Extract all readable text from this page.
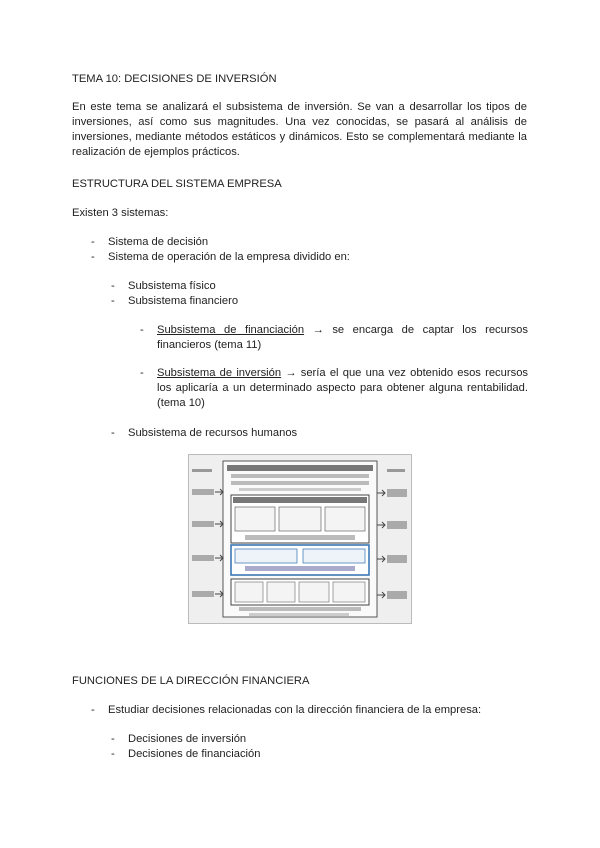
TEMA 10: DECISIONES DE INVERSIÓN
En este tema se analizará el subsistema de inversión. Se van a desarrollar los tipos de inversiones, así como sus magnitudes. Una vez conocidas, se pasará al análisis de inversiones, mediante métodos estáticos y dinámicos. Esto se complementará mediante la realización de ejemplos prácticos.
ESTRUCTURA DEL SISTEMA EMPRESA
Existen 3 sistemas:
- Sistema de decisión
- Sistema de operación de la empresa dividido en:
- Subsistema físico
- Subsistema financiero
- Subsistema de financiación → se encarga de captar los recursos financieros (tema 11)
- Subsistema de inversión → sería el que una vez obtenido esos recursos los aplicaría a un determinado aspecto para obtener alguna rentabilidad. (tema 10)
- Subsistema de recursos humanos
FUNCIONES DE LA DIRECCIÓN FINANCIERA
- Estudiar decisiones relacionadas con la dirección financiera de la empresa:
- Decisiones de inversión
- Decisiones de financiación
